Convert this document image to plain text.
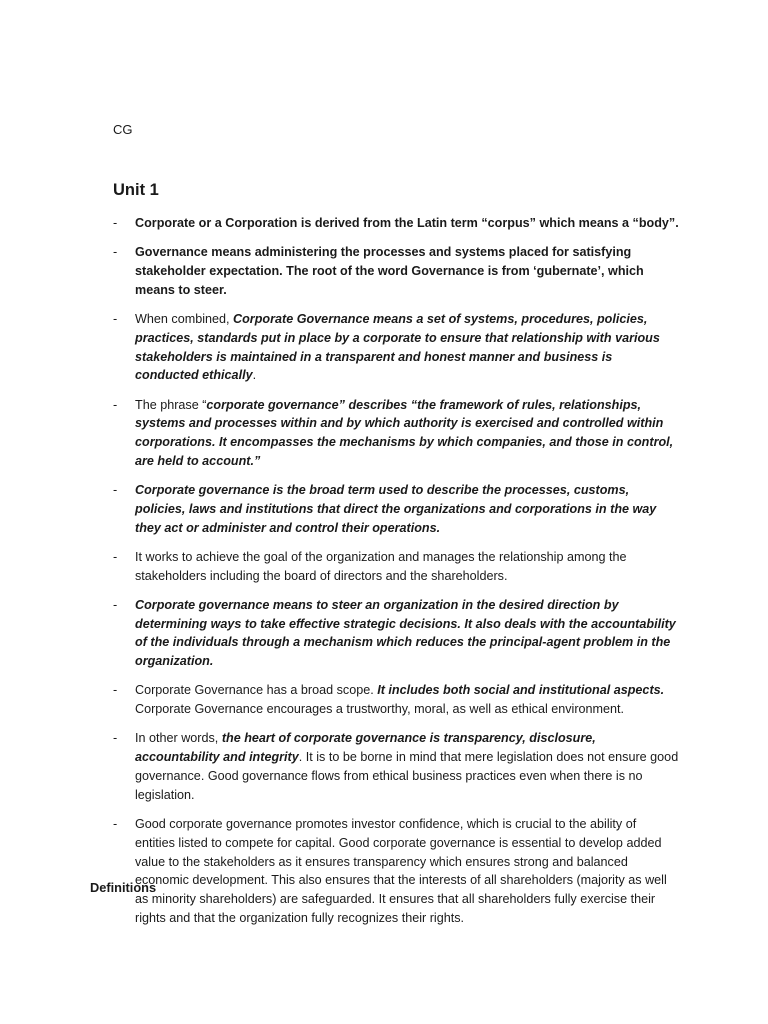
CG
Unit 1
- Corporate or a Corporation is derived from the Latin term “corpus” which means a “body”.
- Governance means administering the processes and systems placed for satisfying stakeholder expectation. The root of the word Governance is from ‘gubernate’, which means to steer.
- When combined, Corporate Governance means a set of systems, procedures, policies, practices, standards put in place by a corporate to ensure that relationship with various stakeholders is maintained in a transparent and honest manner and business is conducted ethically.
- The phrase “corporate governance” describes “the framework of rules, relationships, systems and processes within and by which authority is exercised and controlled within corporations. It encompasses the mechanisms by which companies, and those in control, are held to account.”
- Corporate governance is the broad term used to describe the processes, customs, policies, laws and institutions that direct the organizations and corporations in the way they act or administer and control their operations.
- It works to achieve the goal of the organization and manages the relationship among the stakeholders including the board of directors and the shareholders.
- Corporate governance means to steer an organization in the desired direction by determining ways to take effective strategic decisions. It also deals with the accountability of the individuals through a mechanism which reduces the principal-agent problem in the organization.
- Corporate Governance has a broad scope. It includes both social and institutional aspects. Corporate Governance encourages a trustworthy, moral, as well as ethical environment.
- In other words, the heart of corporate governance is transparency, disclosure, accountability and integrity. It is to be borne in mind that mere legislation does not ensure good governance. Good governance flows from ethical business practices even when there is no legislation.
- Good corporate governance promotes investor confidence, which is crucial to the ability of entities listed to compete for capital. Good corporate governance is essential to develop added value to the stakeholders as it ensures transparency which ensures strong and balanced economic development. This also ensures that the interests of all shareholders (majority as well as minority shareholders) are safeguarded. It ensures that all shareholders fully exercise their rights and that the organization fully recognizes their rights.
Definitions
